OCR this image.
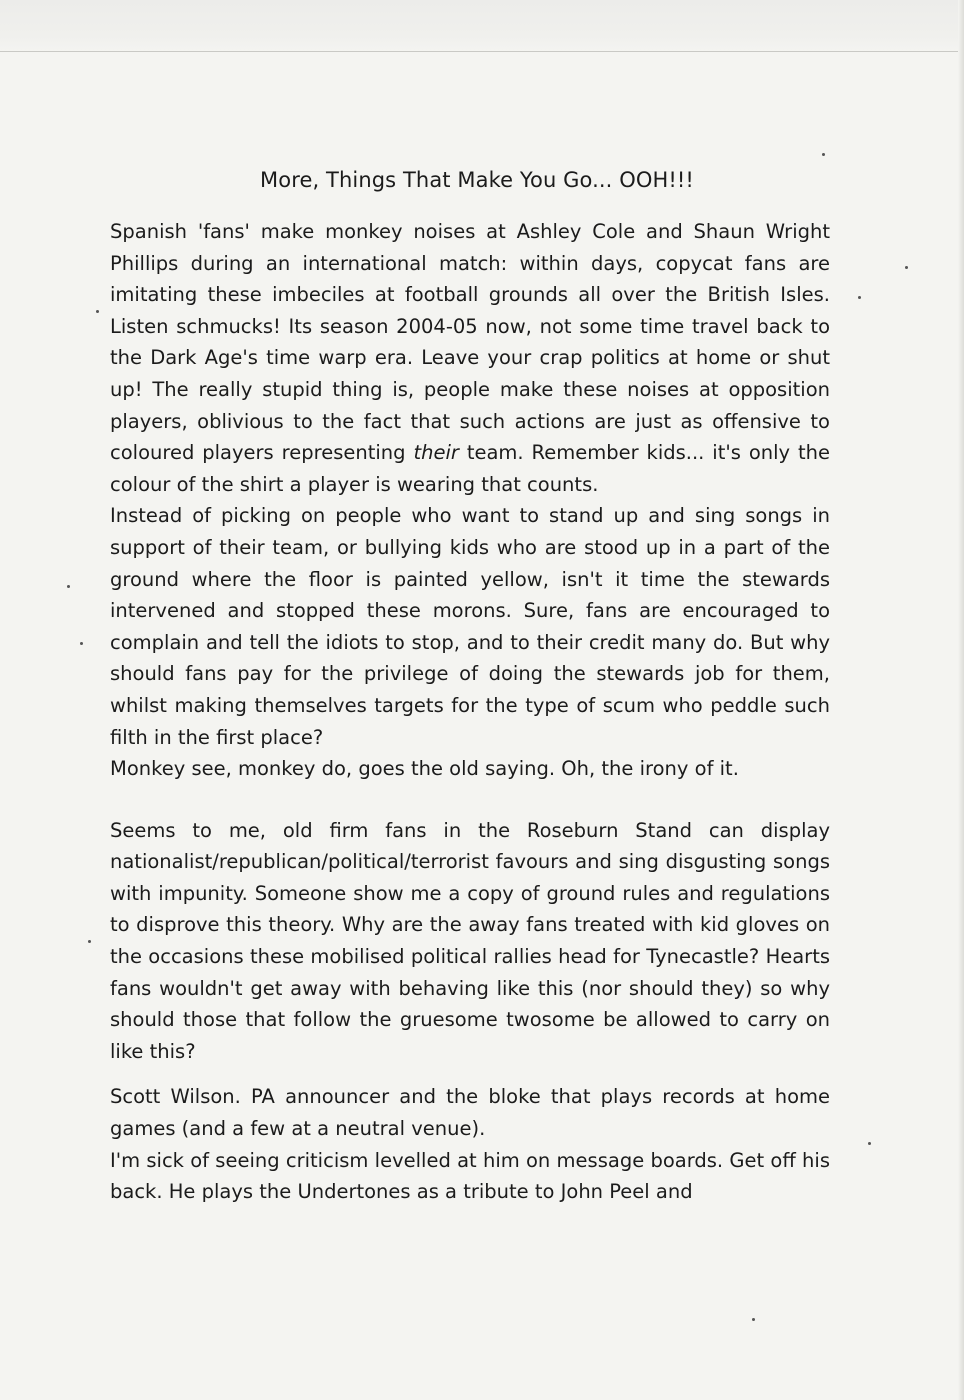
More, Things That Make You Go... OOH!!!

Spanish 'fans' make monkey noises at Ashley Cole and Shaun Wright Phillips during an international match: within days, copycat fans are imitating these imbeciles at football grounds all over the British Isles. Listen schmucks! Its season 2004-05 now, not some time travel back to the Dark Age's time warp era. Leave your crap politics at home or shut up! The really stupid thing is, people make these noises at opposition players, oblivious to the fact that such actions are just as offensive to coloured players representing their team. Remember kids... it's only the colour of the shirt a player is wearing that counts.

Instead of picking on people who want to stand up and sing songs in support of their team, or bullying kids who are stood up in a part of the ground where the floor is painted yellow, isn't it time the stewards intervened and stopped these morons. Sure, fans are encouraged to complain and tell the idiots to stop, and to their credit many do. But why should fans pay for the privilege of doing the stewards job for them, whilst making themselves targets for the type of scum who peddle such filth in the first place?

Monkey see, monkey do, goes the old saying. Oh, the irony of it.

Seems to me, old firm fans in the Roseburn Stand can display nationalist/republican/political/terrorist favours and sing disgusting songs with impunity. Someone show me a copy of ground rules and regulations to disprove this theory. Why are the away fans treated with kid gloves on the occasions these mobilised political rallies head for Tynecastle? Hearts fans wouldn't get away with behaving like this (nor should they) so why should those that follow the gruesome twosome be allowed to carry on like this?

Scott Wilson. PA announcer and the bloke that plays records at home games (and a few at a neutral venue).

I'm sick of seeing criticism levelled at him on message boards. Get off his back. He plays the Undertones as a tribute to John Peel and
